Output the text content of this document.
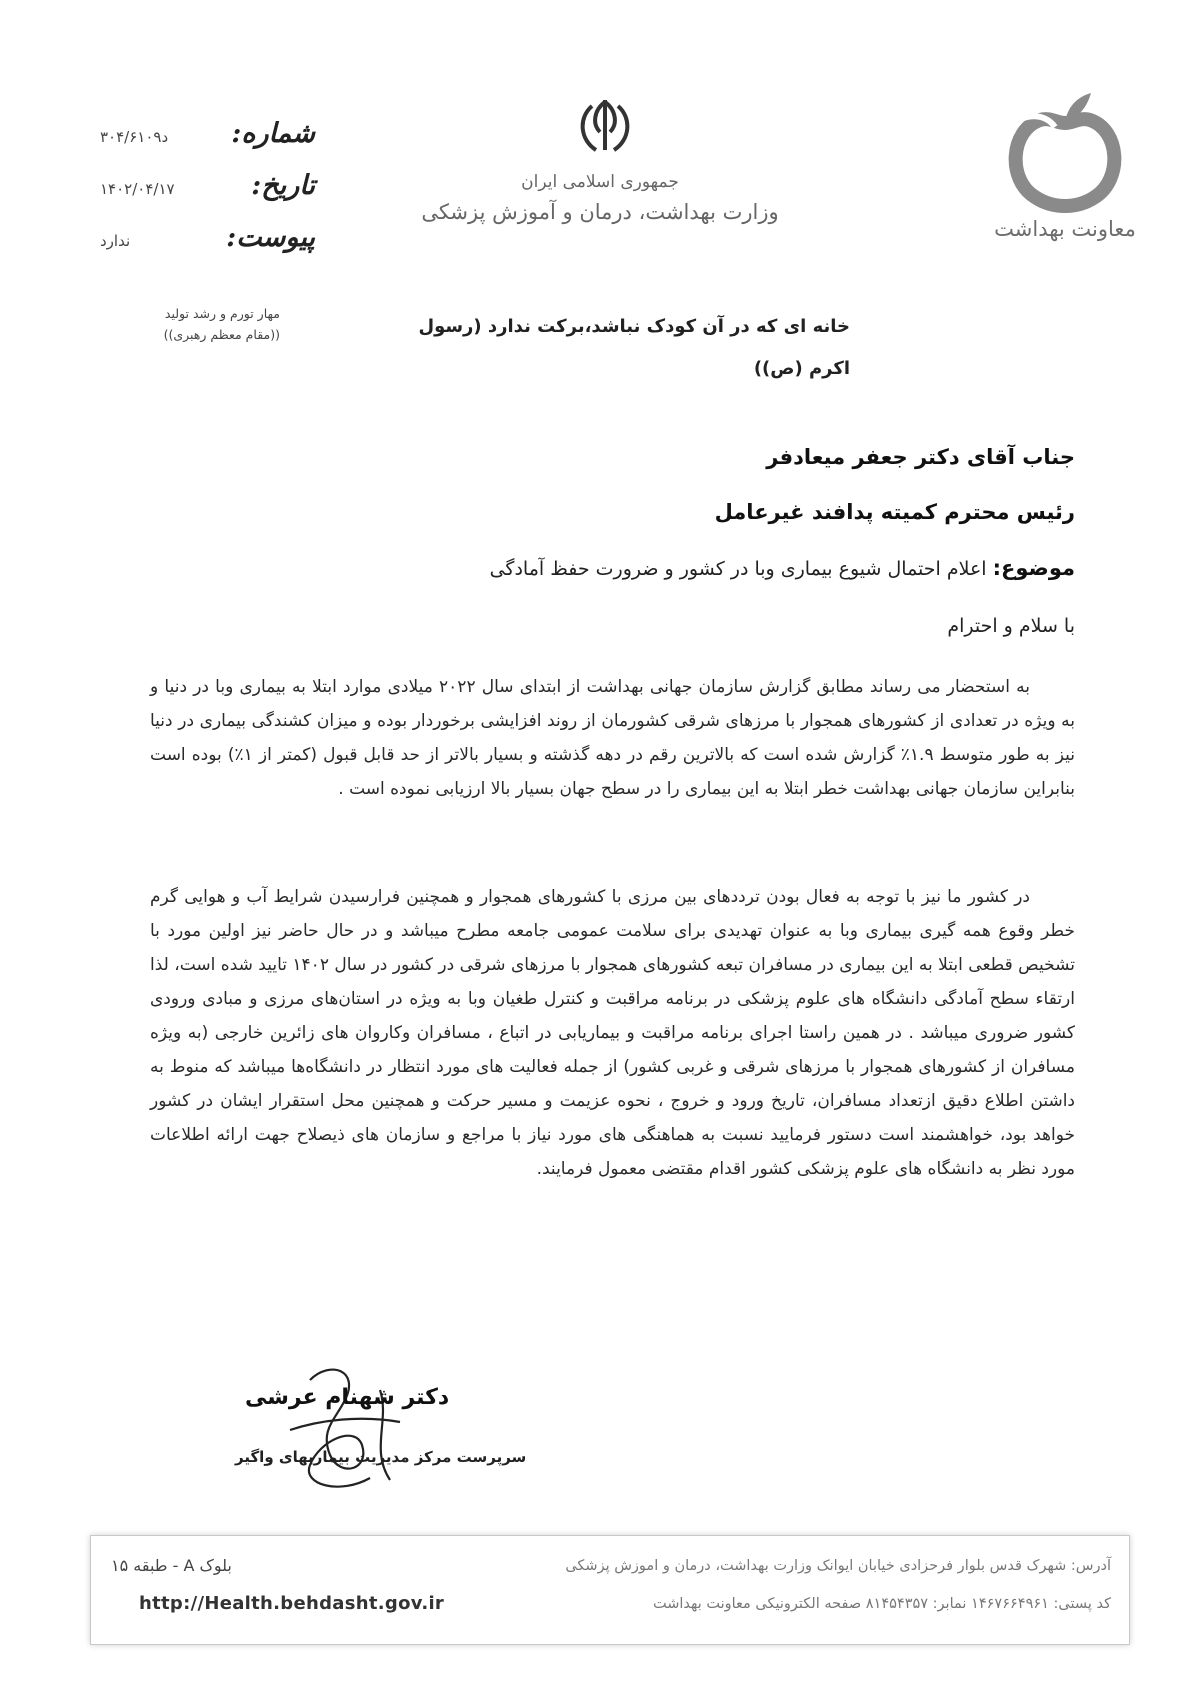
معاونت بهداشت
جمهوری اسلامی ایران
وزارت بهداشت، درمان و آموزش پزشکی
خانه ای که در آن کودک نباشد،برکت ندارد (رسول اکرم (ص))
شماره:
۳۰۴/۶۱۰۹د
تاریخ:
۱۴۰۲/۰۴/۱۷
پیوست:
ندارد
مهار تورم و رشد تولید
((مقام معظم رهبری))
جناب آقای دکتر جعفر میعادفر
رئیس محترم کمیته پدافند غیرعامل
موضوع: اعلام احتمال شیوع بیماری وبا در کشور و ضرورت حفظ آمادگی
با سلام و احترام
به استحضار می رساند مطابق گزارش سازمان جهانی بهداشت از ابتدای سال ۲۰۲۲ میلادی موارد ابتلا به بیماری وبا در دنیا و به ویژه در تعدادی از کشورهای همجوار با مرزهای شرقی کشورمان از روند افزایشی برخوردار بوده و میزان کشندگی بیماری در دنیا نیز به طور متوسط ۱.۹٪ گزارش شده است که بالاترین رقم در دهه گذشته و بسیار بالاتر از حد قابل قبول (کمتر از ۱٪) بوده است بنابراین سازمان جهانی بهداشت خطر ابتلا به این بیماری را در سطح جهان بسیار بالا ارزیابی نموده است .
در کشور ما نیز با توجه به فعال بودن ترددهای بین مرزی با کشورهای همجوار و همچنین فرارسیدن شرایط آب و هوایی گرم خطر وقوع همه گیری بیماری وبا به عنوان تهدیدی برای سلامت عمومی جامعه مطرح میباشد و در حال حاضر نیز اولین مورد با تشخیص قطعی ابتلا به این بیماری در مسافران تبعه کشورهای همجوار با مرزهای شرقی در کشور در سال ۱۴۰۲ تایید شده است، لذا ارتقاء سطح آمادگی دانشگاه های علوم پزشکی در برنامه مراقبت و کنترل طغیان وبا به ویژه در استان‌های مرزی و مبادی ورودی کشور ضروری میباشد . در همین راستا اجرای برنامه مراقبت و بیماریابی در اتباع ، مسافران وکاروان های زائرین خارجی (به ویژه مسافران از کشورهای همجوار با مرزهای شرقی و غربی کشور) از جمله فعالیت های مورد انتظار در دانشگاه‌ها میباشد که منوط به داشتن اطلاع دقیق ازتعداد مسافران، تاریخ ورود و خروج ، نحوه عزیمت و مسیر حرکت و همچنین محل استقرار ایشان در کشور خواهد بود، خواهشمند است دستور فرمایید نسبت به هماهنگی های مورد نیاز با مراجع و سازمان های ذیصلاح جهت ارائه اطلاعات مورد نظر به دانشگاه های علوم پزشکی کشور اقدام مقتضی معمول فرمایند.
دکتر شهنام عرشی
سرپرست مرکز مدیریت بیماریهای واگیر
آدرس: شهرک قدس بلوار فرحزادی خیابان ایوانک وزارت بهداشت، درمان و اموزش پزشکی
بلوک A - طبقه ۱۵
کد پستی: ۱۴۶۷۶۶۴۹۶۱ نمابر: ۸۱۴۵۴۳۵۷ صفحه الکترونیکی معاونت بهداشت
http://Health.behdasht.gov.ir
